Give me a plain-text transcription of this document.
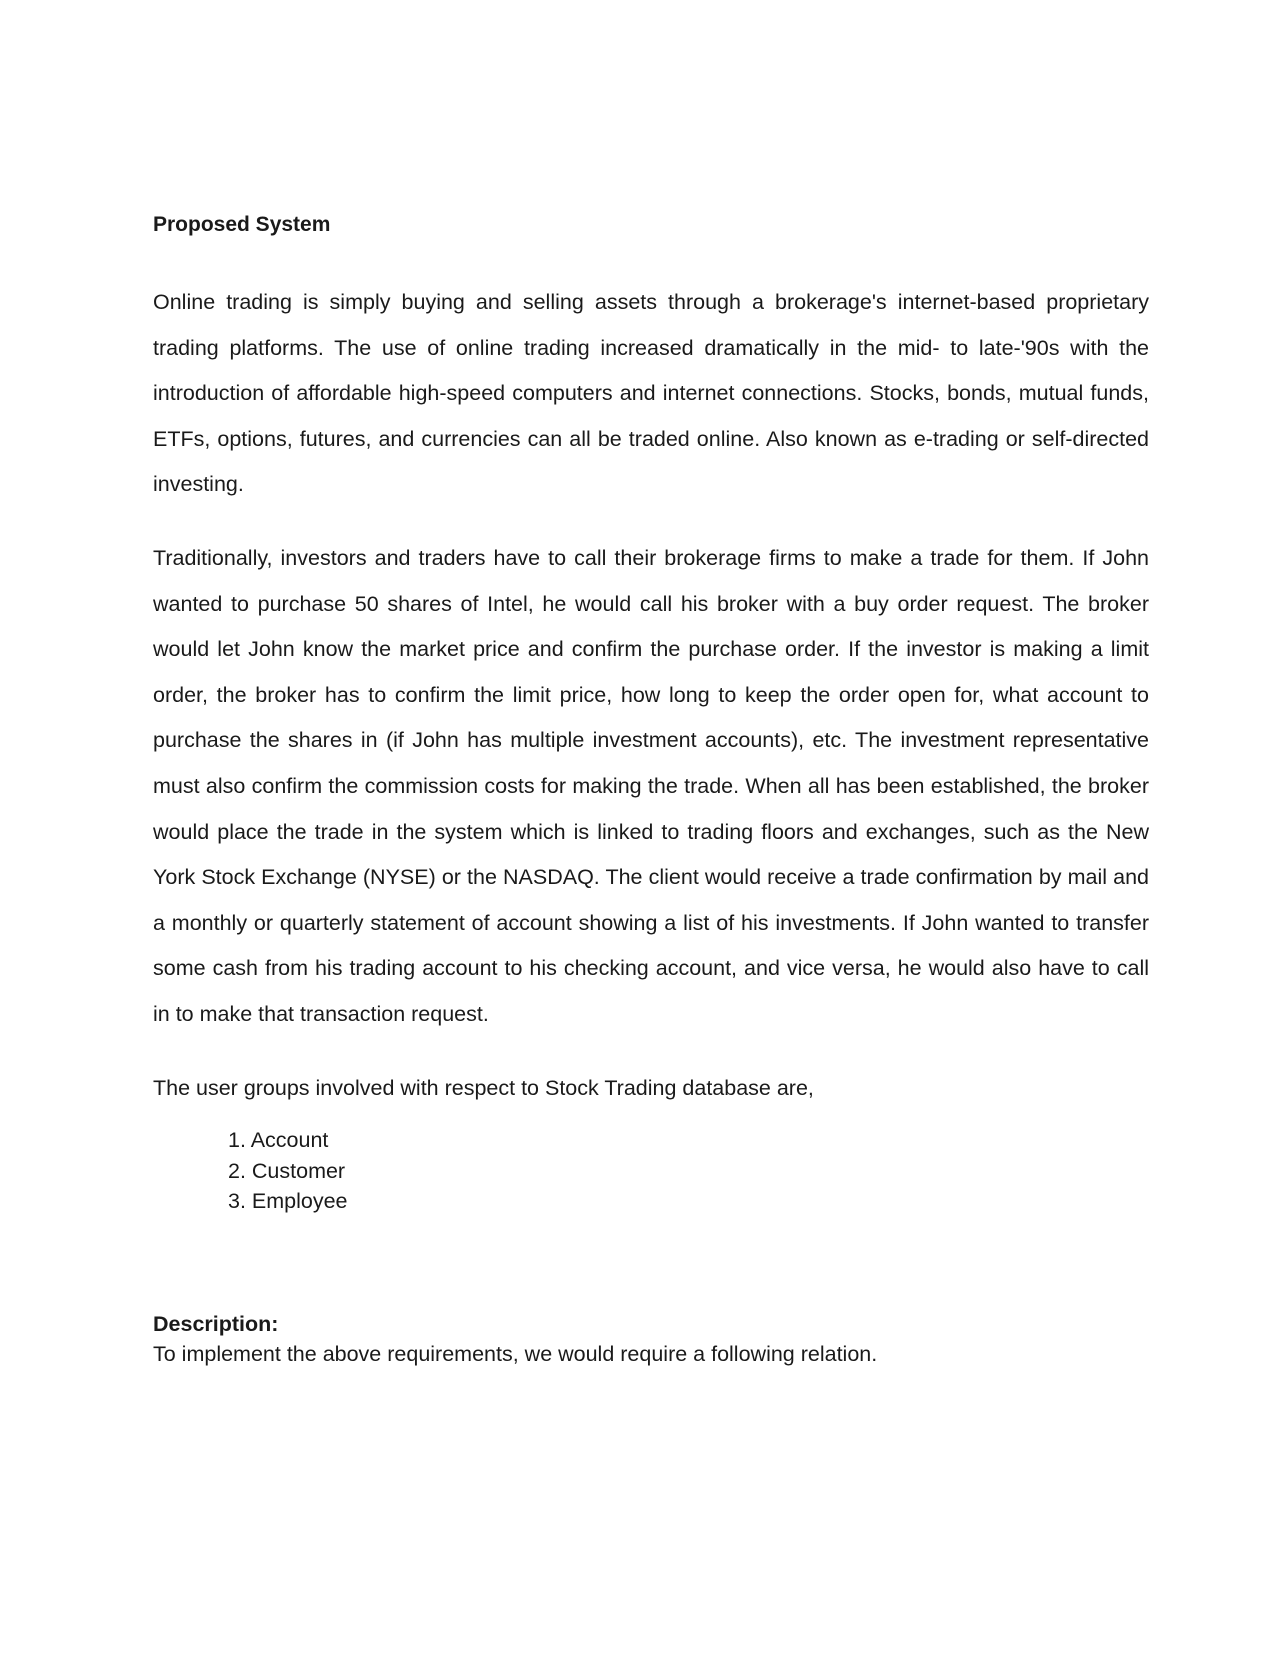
Proposed System

Online trading is simply buying and selling assets through a brokerage's internet-based proprietary trading platforms. The use of online trading increased dramatically in the mid- to late-'90s with the introduction of affordable high-speed computers and internet connections. Stocks, bonds, mutual funds, ETFs, options, futures, and currencies can all be traded online. Also known as e-trading or self-directed investing.

Traditionally, investors and traders have to call their brokerage firms to make a trade for them. If John wanted to purchase 50 shares of Intel, he would call his broker with a buy order request. The broker would let John know the market price and confirm the purchase order. If the investor is making a limit order, the broker has to confirm the limit price, how long to keep the order open for, what account to purchase the shares in (if John has multiple investment accounts), etc. The investment representative must also confirm the commission costs for making the trade. When all has been established, the broker would place the trade in the system which is linked to trading floors and exchanges, such as the New York Stock Exchange (NYSE) or the NASDAQ. The client would receive a trade confirmation by mail and a monthly or quarterly statement of account showing a list of his investments. If John wanted to transfer some cash from his trading account to his checking account, and vice versa, he would also have to call in to make that transaction request.

The user groups involved with respect to Stock Trading database are,

1. Account
2. Customer
3. Employee

Description:

To implement the above requirements, we would require a following relation.
